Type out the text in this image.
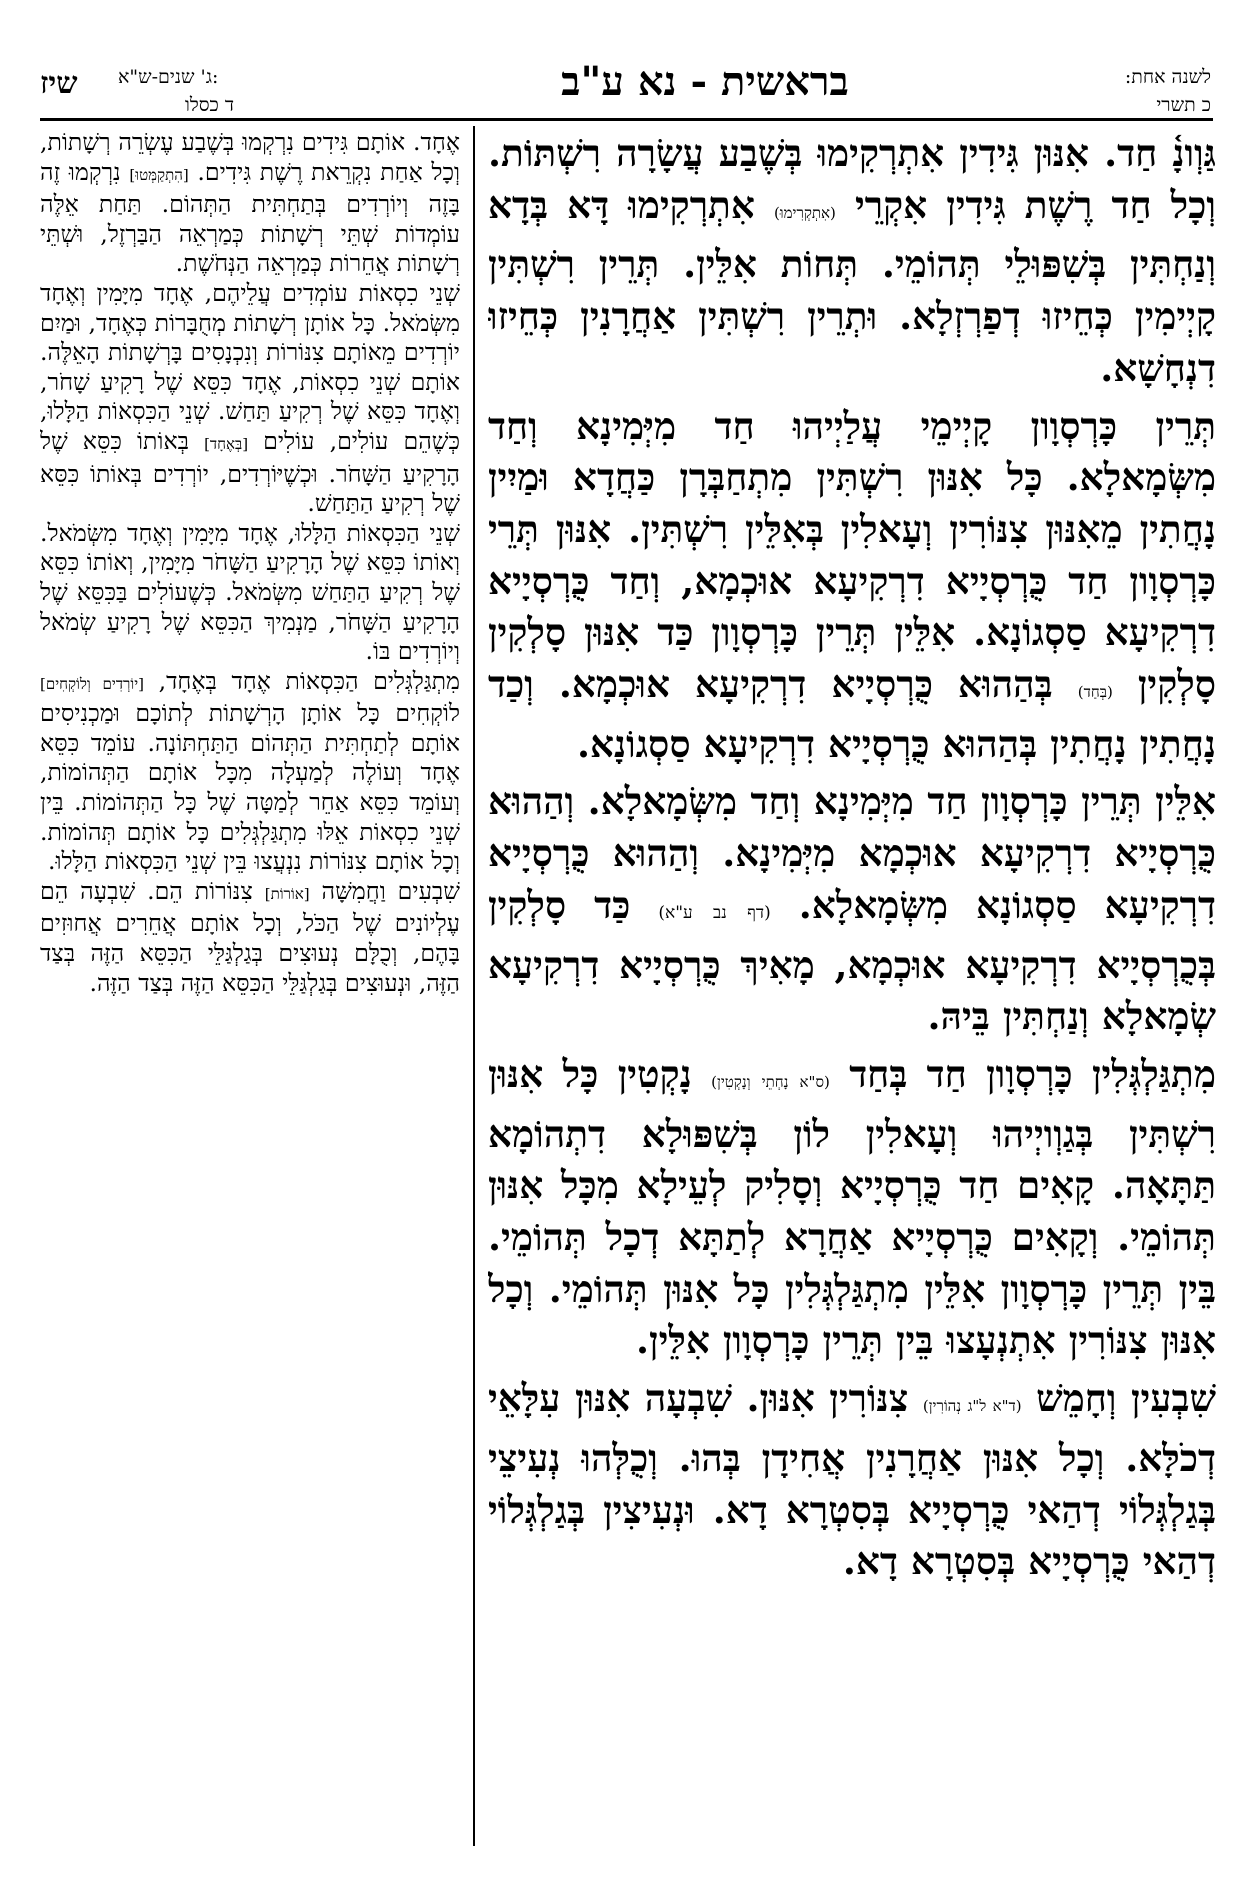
שיז ג' שנים-ש"א:
ד כסלו	בראשית - נא ע"ב	לשנה אחת:
כ תשרי

גַּוְונָ֫ חַד. אִנּוּן גִּידִין אִתְרְקִימוּ בְּשֶׁבַע עֲשָׂרָה רִשְׁתּוֹת. וְכָל חַד רֶשֶׁת גִּידִין אִקְרֵי (אִתְקְרִימוּ) אִתְרְקִימוּ דָּא בְּדָא וְנַחְתִּין בְּשִׁפּוּלֵי תְּהוֹמֵי. תְּחוֹת אִלֵּין. תְּרֵין רִשְׁתִּין קָיְימִין כְּחֵיזוּ דְפַרְזְלָא. וּתְרֵין רִשְׁתִּין אַחֲרָנִין כְּחֵיזוּ דִנְחָשָׁא.

תְּרֵין כָּרְסְוָון קָיְימֵי עֲלַיְיהוּ חַד מִיְּמִינָא וְחַד מִשְּׂמָאלָא. כָּל אִנּוּן רִשְׁתִּין מִתְחַבְּרָן כַּחֲדָא וּמַיִין נָחֲתִין מֵאִנּוּן צִנּוֹרִין וְעָאלִין בְּאִלֵּין רִשְׁתִּין. אִנּוּן תְּרֵי כָּרְסְוָון חַד כֻּרְסְיָיא דִרְקִיעָא אוּכְמָא, וְחַד כֻּרְסְיָיא דִרְקִיעָא סַסְגוֹנָא. אִלֵּין תְּרֵין כָּרְסְוָון כַּד אִנּוּן סָלְקִין סָלְקִין (בְּחַד) בְּהַהוּא כֻּרְסְיָיא דִרְקִיעָא אוּכְמָא. וְכַד נָחֲתִין נָחֲתִין בְּהַהוּא כֻּרְסְיָיא דִרְקִיעָא סַסְגוֹנָא.

אִלֵּין תְּרֵין כָּרְסְוָון חַד מִיְּמִינָא וְחַד מִשְּׂמָאלָא. וְהַהוּא כֻּרְסְיָיא דִרְקִיעָא אוּכְמָא מִיְּמִינָא. וְהַהוּא כֻּרְסְיָיא דִרְקִיעָא סַסְגוֹנָא מִשְּׂמָאלָא. (דף נב ע"א) כַּד סָלְקִין בְּכֻרְסְיָיא דִרְקִיעָא אוּכְמָא, מָאִיךְ כֻּרְסְיָיא דִרְקִיעָא שְׂמָאלָא וְנַחְתִּין בֵּיהּ.

מִתְגַּלְגְּלִין כָּרְסְוָון חַד בְּחַד (ס"א נָחְתֵי וְנָקְטִין) נָקְטִין כָּל אִנּוּן רִשְׁתִּין בְּגַוְויְיהוּ וְעָאלִין לוֹן בְּשִׁפּוּלָא דִתְהוֹמָא תַּתָּאָה. קָאִים חַד כֻּרְסְיָיא וְסָלִיק לְעֵילָא מִכָּל אִנּוּן תְּהוֹמֵי. וְקָאִים כֻּרְסְיָיא אַחֲרָא לְתַתָּא דְכָל תְּהוֹמֵי. בֵּין תְּרֵין כָּרְסְוָון אִלֵּין מִתְגַּלְגְּלִין כָּל אִנּוּן תְּהוֹמֵי. וְכָל אִנּוּן צִנּוֹרִין אִתְנְעָצוּ בֵּין תְּרֵין כָּרְסְוָון אִלֵּין.

שִׁבְעִין וְחָמֵשׁ (ד"א ל"ג נְהוֹרִין) צִנּוֹרִין אִנּוּן. שִׁבְעָה אִנּוּן עִלָּאֵי דְכֹלָּא. וְכָל אִנּוּן אַחֲרָנִין אֲחִידָן בְּהוּ. וְכֻלְּהוּ נְעִיצֵי בְּגַלְגְּלוֹי דְהַאי כֻּרְסְיָיא בְּסִטְרָא דָא. וּנְעִיצִין בְּגַלְגְּלוֹי דְהַאי כֻּרְסְיָיא בְּסִטְרָא דָא.

אֶחָד. אוֹתָם גִּידִים נִרְקְמוּ בְּשֶׁבַע עֶשְׂרֵה רְשָׁתוֹת, וְכָל אַחַת נִקְרֵאת רֶשֶׁת גִּידִים. [הִתְקַמְּטוּ] נִרְקְמוּ זֶה בָּזֶה וְיוֹרְדִים בְּתַחְתִּית הַתְּהוֹם. תַּחַת אֵלֶּה עוֹמְדוֹת שְׁתֵּי רְשָׁתוֹת כְּמַרְאֵה הַבַּרְזֶל, וּשְׁתֵּי רְשָׁתוֹת אֲחֵרוֹת כְּמַרְאֵה הַנְּחֹשֶׁת.

שְׁנֵי כִסְאוֹת עוֹמְדִים עֲלֵיהֶם, אֶחָד מִיָּמִין וְאֶחָד מִשְּׂמֹאל. כָּל אוֹתָן רְשָׁתוֹת מְחֻבָּרוֹת כְּאֶחָד, וּמַיִם יוֹרְדִים מֵאוֹתָם צִנּוֹרוֹת וְנִכְנָסִים בָּרְשָׁתוֹת הָאֵלֶּה. אוֹתָם שְׁנֵי כִסְאוֹת, אֶחָד כִּסֵּא שֶׁל רָקִיעַ שָׁחֹר, וְאֶחָד כִּסֵּא שֶׁל רְקִיעַ תַּחַשׁ. שְׁנֵי הַכִּסְאוֹת הַלָּלוּ, כְּשֶׁהֵם עוֹלִים, עוֹלִים [בְּאֶחָד] בְּאוֹתוֹ כִּסֵּא שֶׁל הָרָקִיעַ הַשָּׁחֹר. וּכְשֶׁיּוֹרְדִים, יוֹרְדִים בְּאוֹתוֹ כִּסֵּא שֶׁל רְקִיעַ הַתַּחַשׁ.

שְׁנֵי הַכִּסְאוֹת הַלָּלוּ, אֶחָד מִיָּמִין וְאֶחָד מִשְּׂמֹאל. וְאוֹתוֹ כִּסֵּא שֶׁל הָרָקִיעַ הַשָּׁחֹר מִיָּמִין, וְאוֹתוֹ כִּסֵּא שֶׁל רְקִיעַ הַתַּחַשׁ מִשְּׂמֹאל. כְּשֶׁעוֹלִים בַּכִּסֵּא שֶׁל הָרָקִיעַ הַשָּׁחֹר, מַנְמִיךְ הַכִּסֵּא שֶׁל רָקִיעַ שְׂמֹאל וְיוֹרְדִים בּוֹ.

מִתְגַּלְגְּלִים הַכִּסְאוֹת אֶחָד בְּאֶחָד, [יוֹרְדִים וְלוֹקְחִים] לוֹקְחִים כָּל אוֹתָן הָרְשָׁתוֹת לְתוֹכָם וּמַכְנִיסִים אוֹתָם לְתַחְתִּית הַתְּהוֹם הַתַּחְתּוֹנָה. עוֹמֵד כִּסֵּא אֶחָד וְעוֹלֶה לְמַעְלָה מִכָּל אוֹתָם הַתְּהוֹמוֹת, וְעוֹמֵד כִּסֵּא אַחֵר לְמַטָּה שֶׁל כָּל הַתְּהוֹמוֹת. בֵּין שְׁנֵי כִסְאוֹת אֵלּוּ מִתְגַּלְגְּלִים כָּל אוֹתָם תְּהוֹמוֹת. וְכָל אוֹתָם צִנּוֹרוֹת נִנְעֲצוּ בֵּין שְׁנֵי הַכִּסְאוֹת הַלָּלוּ.

שִׁבְעִים וַחֲמִשָּׁה [אוֹרוֹת] צִנּוֹרוֹת הֵם. שִׁבְעָה הֵם עֶלְיוֹנִים שֶׁל הַכֹּל, וְכָל אוֹתָם אֲחֵרִים אֲחוּזִים בָּהֶם, וְכֻלָּם נְעוּצִים בְּגַלְגַּלֵּי הַכִּסֵּא הַזֶּה בְּצַד הַזֶּה, וּנְעוּצִים בְּגַלְגַּלֵּי הַכִּסֵּא הַזֶּה בְּצַד הַזֶּה.
